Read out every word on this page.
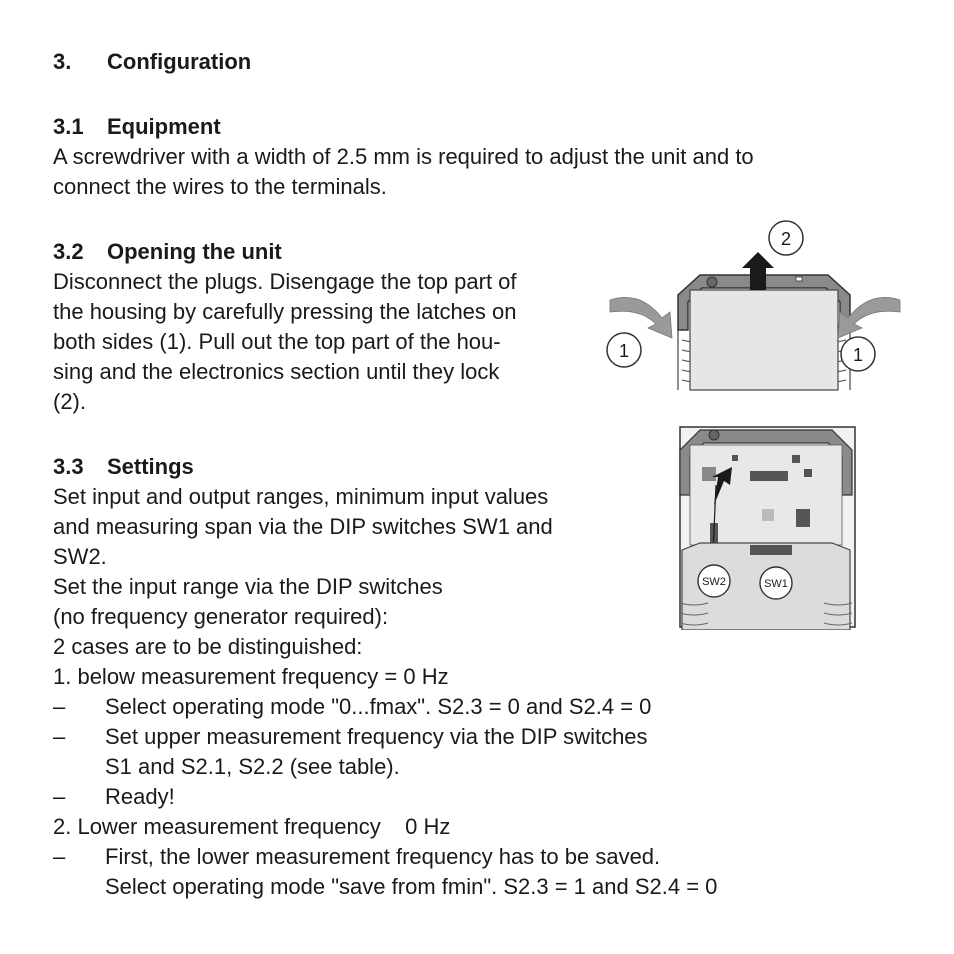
3. Configuration
3.1 Equipment
A screwdriver with a width of 2.5 mm is required to adjust the unit and to
connect the wires to the terminals.
3.2 Opening the unit
Disconnect the plugs. Disengage the top part of
the housing by carefully pressing the latches on
both sides (1). Pull out the top part of the hou-
sing and the electronics section until they lock
(2).
2
1	1
3.3 Settings
Set input and output ranges, minimum input values
and measuring span via the DIP switches SW1 and
SW2.
Set the input range via the DIP switches
(no frequency generator required):
2 cases are to be distinguished:
1. below measurement frequency = 0 Hz
– Select operating mode "0...fmax". S2.3 = 0 and S2.4 = 0
– Set upper measurement frequency via the DIP switches
S1 and S2.1, S2.2 (see table).
– Ready!
2. Lower measurement frequency    0 Hz
– First, the lower measurement frequency has to be saved.
Select operating mode "save from fmin". S2.3 = 1 and S2.4 = 0
SW2	SW1
